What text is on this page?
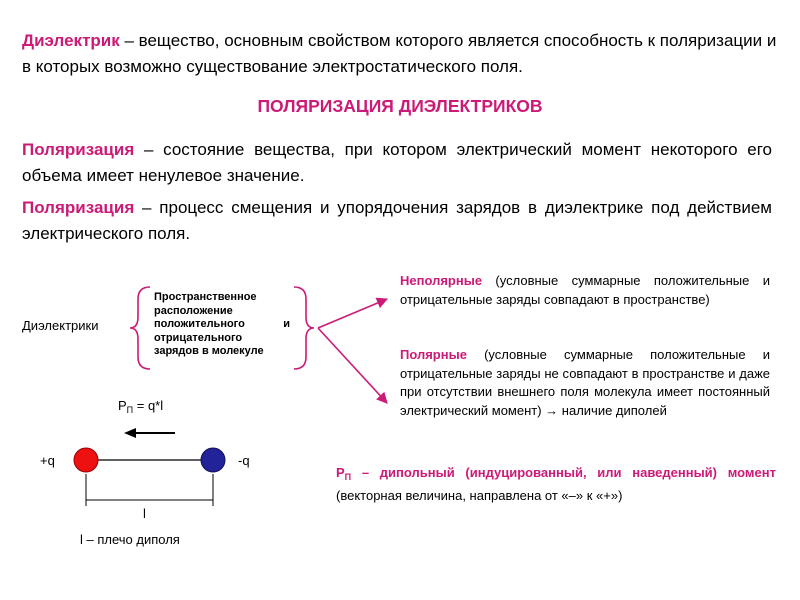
Диэлектрик – вещество, основным свойством которого является способность к поляризации и в которых возможно существование электростатического поля.
ПОЛЯРИЗАЦИЯ ДИЭЛЕКТРИКОВ
Поляризация – состояние вещества, при котором электрический момент некоторого его объема имеет ненулевое значение.
Поляризация – процесс смещения и упорядочения зарядов в диэлектрике под действием электрического поля.
Диэлектрики
Пространственное расположение положительного и отрицательного зарядов в молекуле
Неполярные (условные суммарные положительные и отрицательные заряды совпадают в пространстве)
Полярные (условные суммарные положительные и отрицательные заряды не совпадают в пространстве и даже при отсутствии внешнего поля молекула имеет постоянный электрический момент) → наличие диполей
$P_П = q*l$
+q	-q
l
l – плечо диполя
$P_П$ – дипольный (индуцированный, или наведенный) момент (векторная величина, направлена от «–» к «+»)
